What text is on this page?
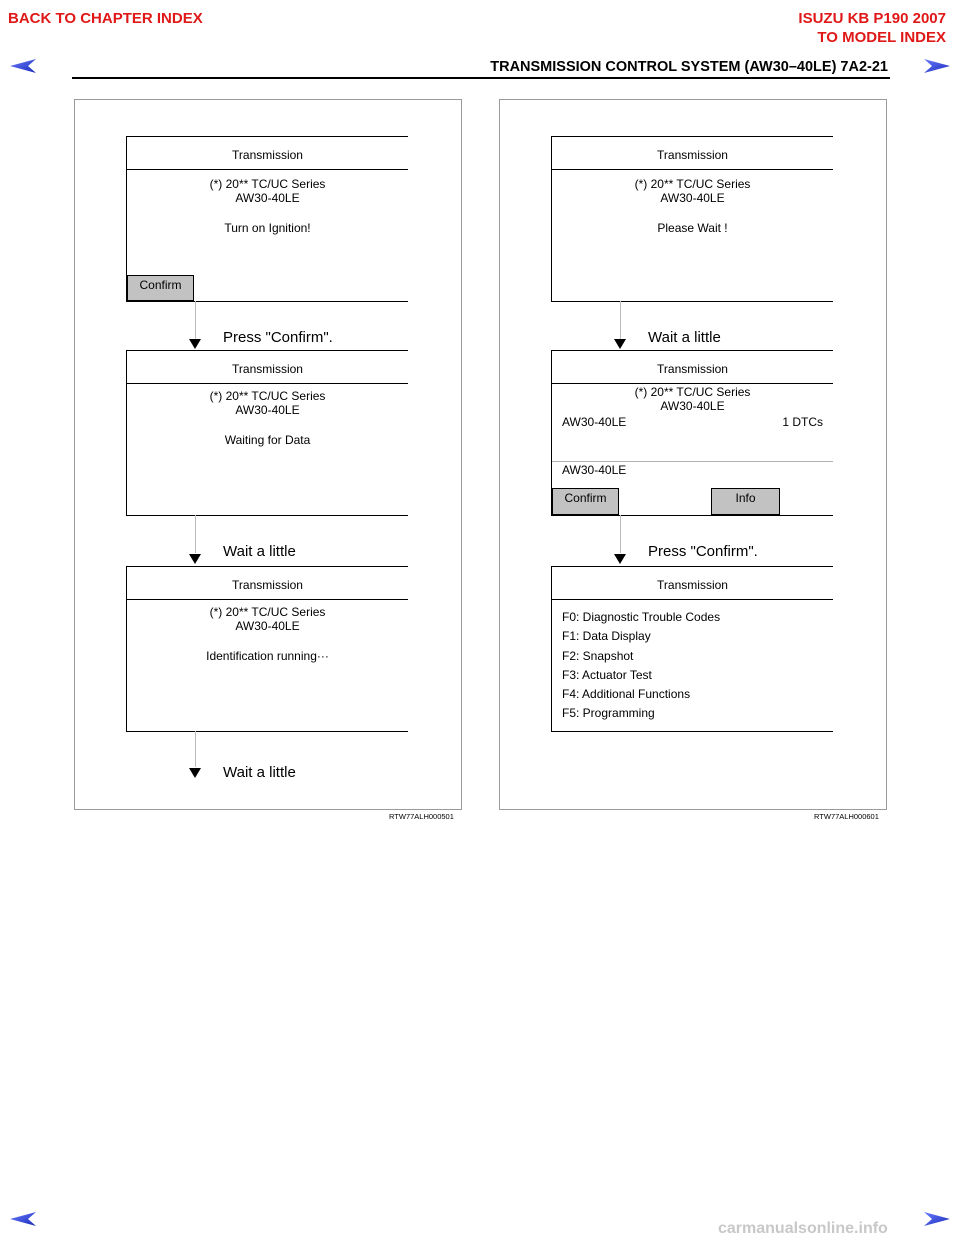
BACK TO CHAPTER INDEX	ISUZU KB P190 2007
TO MODEL INDEX
TRANSMISSION CONTROL SYSTEM (AW30–40LE) 7A2-21
Transmission
(*) 20** TC/UC Series
AW30-40LE
Turn on Ignition!
Confirm
Press "Confirm".
Transmission
(*) 20** TC/UC Series
AW30-40LE
Waiting for Data
Wait a little
Transmission
(*) 20** TC/UC Series
AW30-40LE
Identification running···
Wait a little
RTW77ALH000501
Transmission
(*) 20** TC/UC Series
AW30-40LE
Please Wait !
Wait a little
Transmission
(*) 20** TC/UC Series
AW30-40LE
AW30-40LE	1 DTCs
AW30-40LE
Confirm	Info
Press "Confirm".
Transmission
F0: Diagnostic Trouble Codes
F1: Data Display
F2: Snapshot
F3: Actuator Test
F4: Additional Functions
F5: Programming
RTW77ALH000601
carmanualsonline.info
